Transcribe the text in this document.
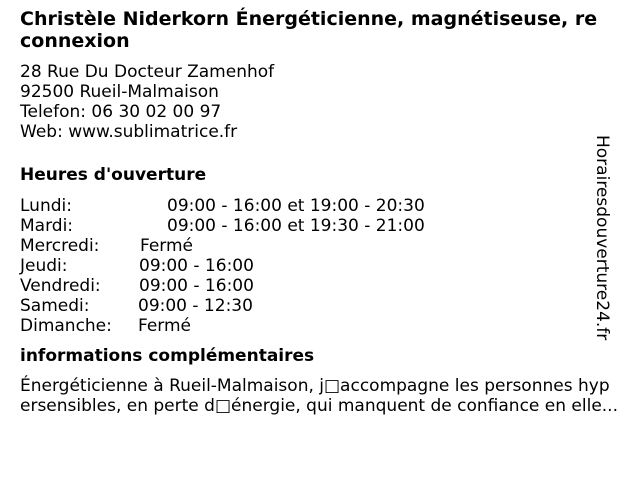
Christèle Niderkorn Énergéticienne, magnétiseuse, re
connexion
28 Rue Du Docteur Zamenhof
92500 Rueil-Malmaison
Telefon: 06 30 02 00 97
Web: www.sublimatrice.fr
Heures d'ouverture
Lundi:	09:00 - 16:00 et 19:00 - 20:30
Mardi:	09:00 - 16:00 et 19:30 - 21:00
Mercredi: Fermé
Jeudi:	09:00 - 16:00
Vendredi: 09:00 - 16:00
Samedi:	09:00 - 12:30
Dimanche: Fermé
informations complémentaires
Énergéticienne à Rueil-Malmaison, j□accompagne les personnes hyp
ersensibles, en perte d□énergie, qui manquent de confiance en elle...
Horairesdouverture24.fr
